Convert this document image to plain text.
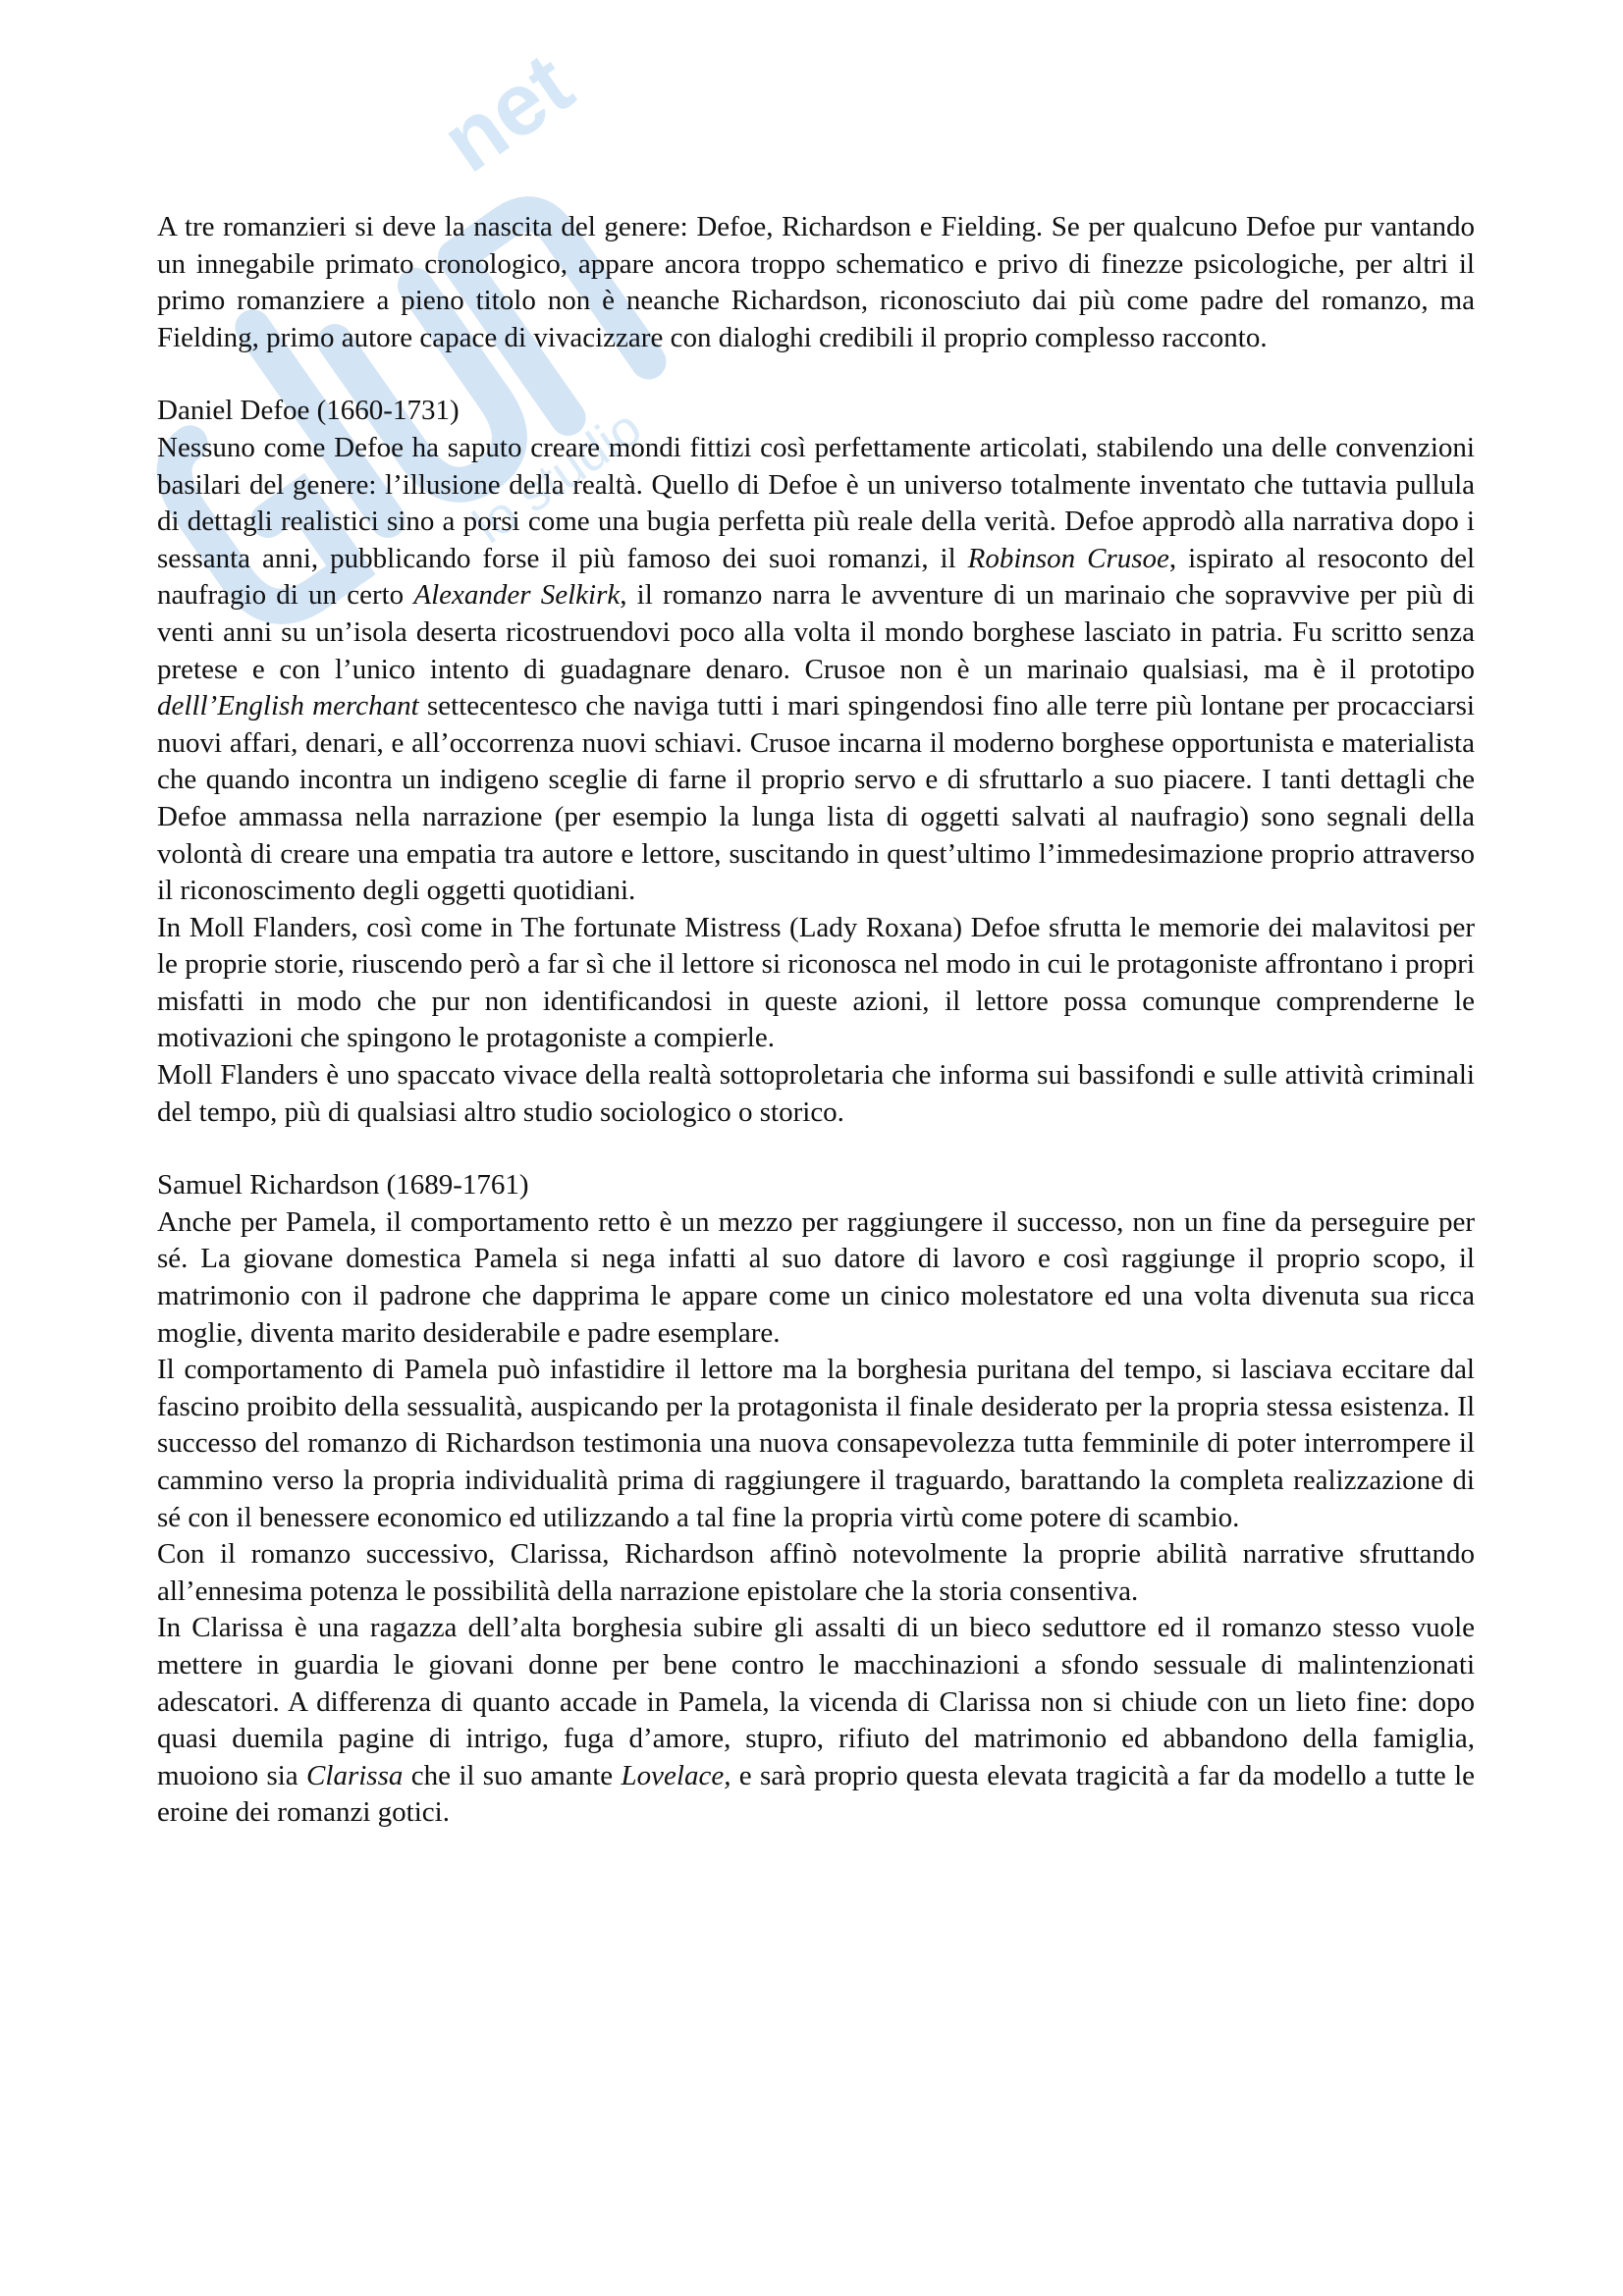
net
lo studio

A tre romanzieri si deve la nascita del genere: Defoe, Richardson e Fielding. Se per qualcuno Defoe pur vantando un innegabile primato cronologico, appare ancora troppo schematico e privo di finezze psicologiche, per altri il primo romanziere a pieno titolo non è neanche Richardson, riconosciuto dai più come padre del romanzo, ma Fielding, primo autore capace di vivacizzare con dialoghi credibili il proprio complesso racconto.

Daniel Defoe (1660-1731)

Nessuno come Defoe ha saputo creare mondi fittizi così perfettamente articolati, stabilendo una delle convenzioni basilari del genere: l’illusione della realtà. Quello di Defoe è un universo totalmente inventato che tuttavia pullula di dettagli realistici sino a porsi come una bugia perfetta più reale della verità. Defoe approdò alla narrativa dopo i sessanta anni, pubblicando forse il più famoso dei suoi romanzi, il Robinson Crusoe, ispirato al resoconto del naufragio di un certo Alexander Selkirk, il romanzo narra le avventure di un marinaio che sopravvive per più di venti anni su un’isola deserta ricostruendovi poco alla volta il mondo borghese lasciato in patria. Fu scritto senza pretese e con l’unico intento di guadagnare denaro. Crusoe non è un marinaio qualsiasi, ma è il prototipo delll’English merchant settecentesco che naviga tutti i mari spingendosi fino alle terre più lontane per procacciarsi nuovi affari, denari, e all’occorrenza nuovi schiavi. Crusoe incarna il moderno borghese opportunista e materialista che quando incontra un indigeno sceglie di farne il proprio servo e di sfruttarlo a suo piacere. I tanti dettagli che Defoe ammassa nella narrazione (per esempio la lunga lista di oggetti salvati al naufragio) sono segnali della volontà di creare una empatia tra autore e lettore, suscitando in quest’ultimo l’immedesimazione proprio attraverso il riconoscimento degli oggetti quotidiani.

In Moll Flanders, così come in The fortunate Mistress (Lady Roxana) Defoe sfrutta le memorie dei malavitosi per le proprie storie, riuscendo però a far sì che il lettore si riconosca nel modo in cui le protagoniste affrontano i propri misfatti in modo che pur non identificandosi in queste azioni, il lettore possa comunque comprenderne le motivazioni che spingono le protagoniste a compierle.

Moll Flanders è uno spaccato vivace della realtà sottoproletaria che informa sui bassifondi e sulle attività criminali del tempo, più di qualsiasi altro studio sociologico o storico.

Samuel Richardson (1689-1761)

Anche per Pamela, il comportamento retto è un mezzo per raggiungere il successo, non un fine da perseguire per sé. La giovane domestica Pamela si nega infatti al suo datore di lavoro e così raggiunge il proprio scopo, il matrimonio con il padrone che dapprima le appare come un cinico molestatore ed una volta divenuta sua ricca moglie, diventa marito desiderabile e padre esemplare.

Il comportamento di Pamela può infastidire il lettore ma la borghesia puritana del tempo, si lasciava eccitare dal fascino proibito della sessualità, auspicando per la protagonista il finale desiderato per la propria stessa esistenza. Il successo del romanzo di Richardson testimonia una nuova consapevolezza tutta femminile di poter interrompere il cammino verso la propria individualità prima di raggiungere il traguardo, barattando la completa realizzazione di sé con il benessere economico ed utilizzando a tal fine la propria virtù come potere di scambio.

Con il romanzo successivo, Clarissa, Richardson affinò notevolmente la proprie abilità narrative sfruttando all’ennesima potenza le possibilità della narrazione epistolare che la storia consentiva.

In Clarissa è una ragazza dell’alta borghesia subire gli assalti di un bieco seduttore ed il romanzo stesso vuole mettere in guardia le giovani donne per bene contro le macchinazioni a sfondo sessuale di malintenzionati adescatori. A differenza di quanto accade in Pamela, la vicenda di Clarissa non si chiude con un lieto fine: dopo quasi duemila pagine di intrigo, fuga d’amore, stupro, rifiuto del matrimonio ed abbandono della famiglia, muoiono sia Clarissa che il suo amante Lovelace, e sarà proprio questa elevata tragicità a far da modello a tutte le eroine dei romanzi gotici.
